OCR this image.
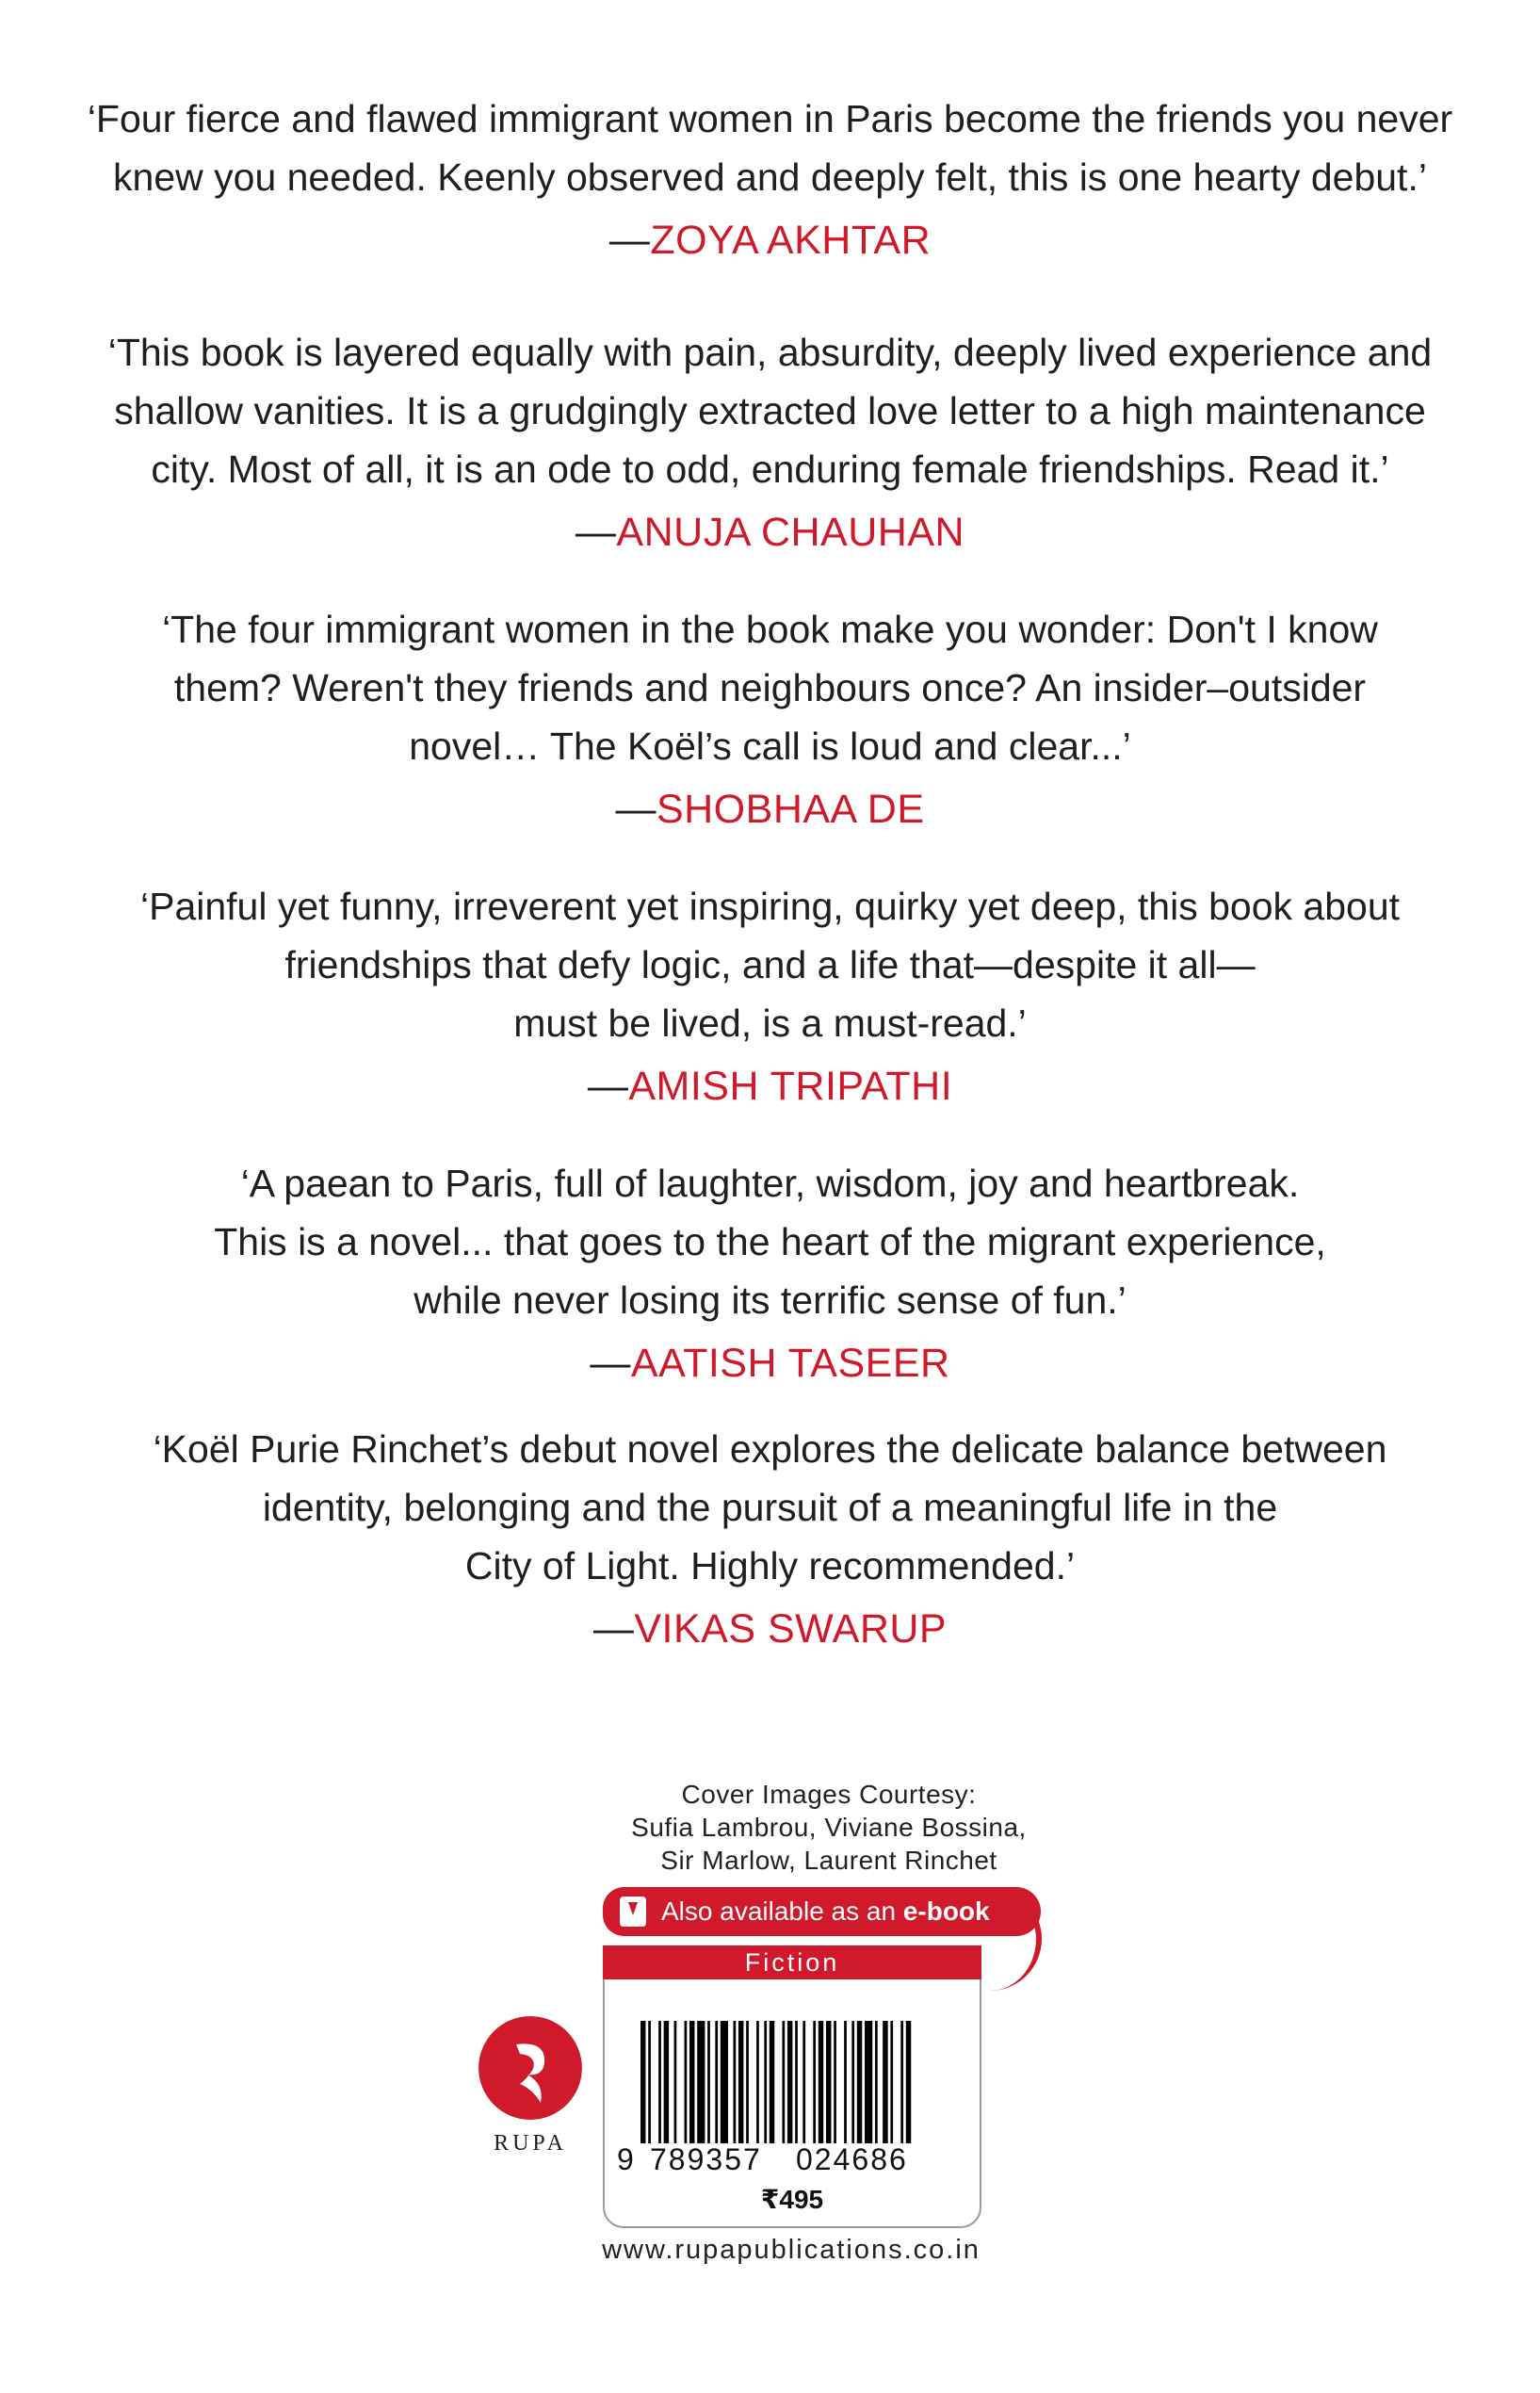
‘Four fierce and flawed immigrant women in Paris become the friends you never
knew you needed. Keenly observed and deeply felt, this is one hearty debut.’
—ZOYA AKHTAR
‘This book is layered equally with pain, absurdity, deeply lived experience and
shallow vanities. It is a grudgingly extracted love letter to a high maintenance
city. Most of all, it is an ode to odd, enduring female friendships. Read it.’
—ANUJA CHAUHAN
‘The four immigrant women in the book make you wonder: Don't I know
them? Weren't they friends and neighbours once? An insider–outsider
novel… The Koël’s call is loud and clear...’
—SHOBHAA DE
‘Painful yet funny, irreverent yet inspiring, quirky yet deep, this book about
friendships that defy logic, and a life that—despite it all—
must be lived, is a must-read.’
—AMISH TRIPATHI
‘A paean to Paris, full of laughter, wisdom, joy and heartbreak.
This is a novel... that goes to the heart of the migrant experience,
while never losing its terrific sense of fun.’
—AATISH TASEER
‘Koël Purie Rinchet’s debut novel explores the delicate balance between
identity, belonging and the pursuit of a meaningful life in the
City of Light. Highly recommended.’
—VIKAS SWARUP
Cover Images Courtesy:
Sufia Lambrou, Viviane Bossina,
Sir Marlow, Laurent Rinchet
Also available as an e-book
Fiction
9 789357 024686
₹495
RUPA
www.rupapublications.co.in
